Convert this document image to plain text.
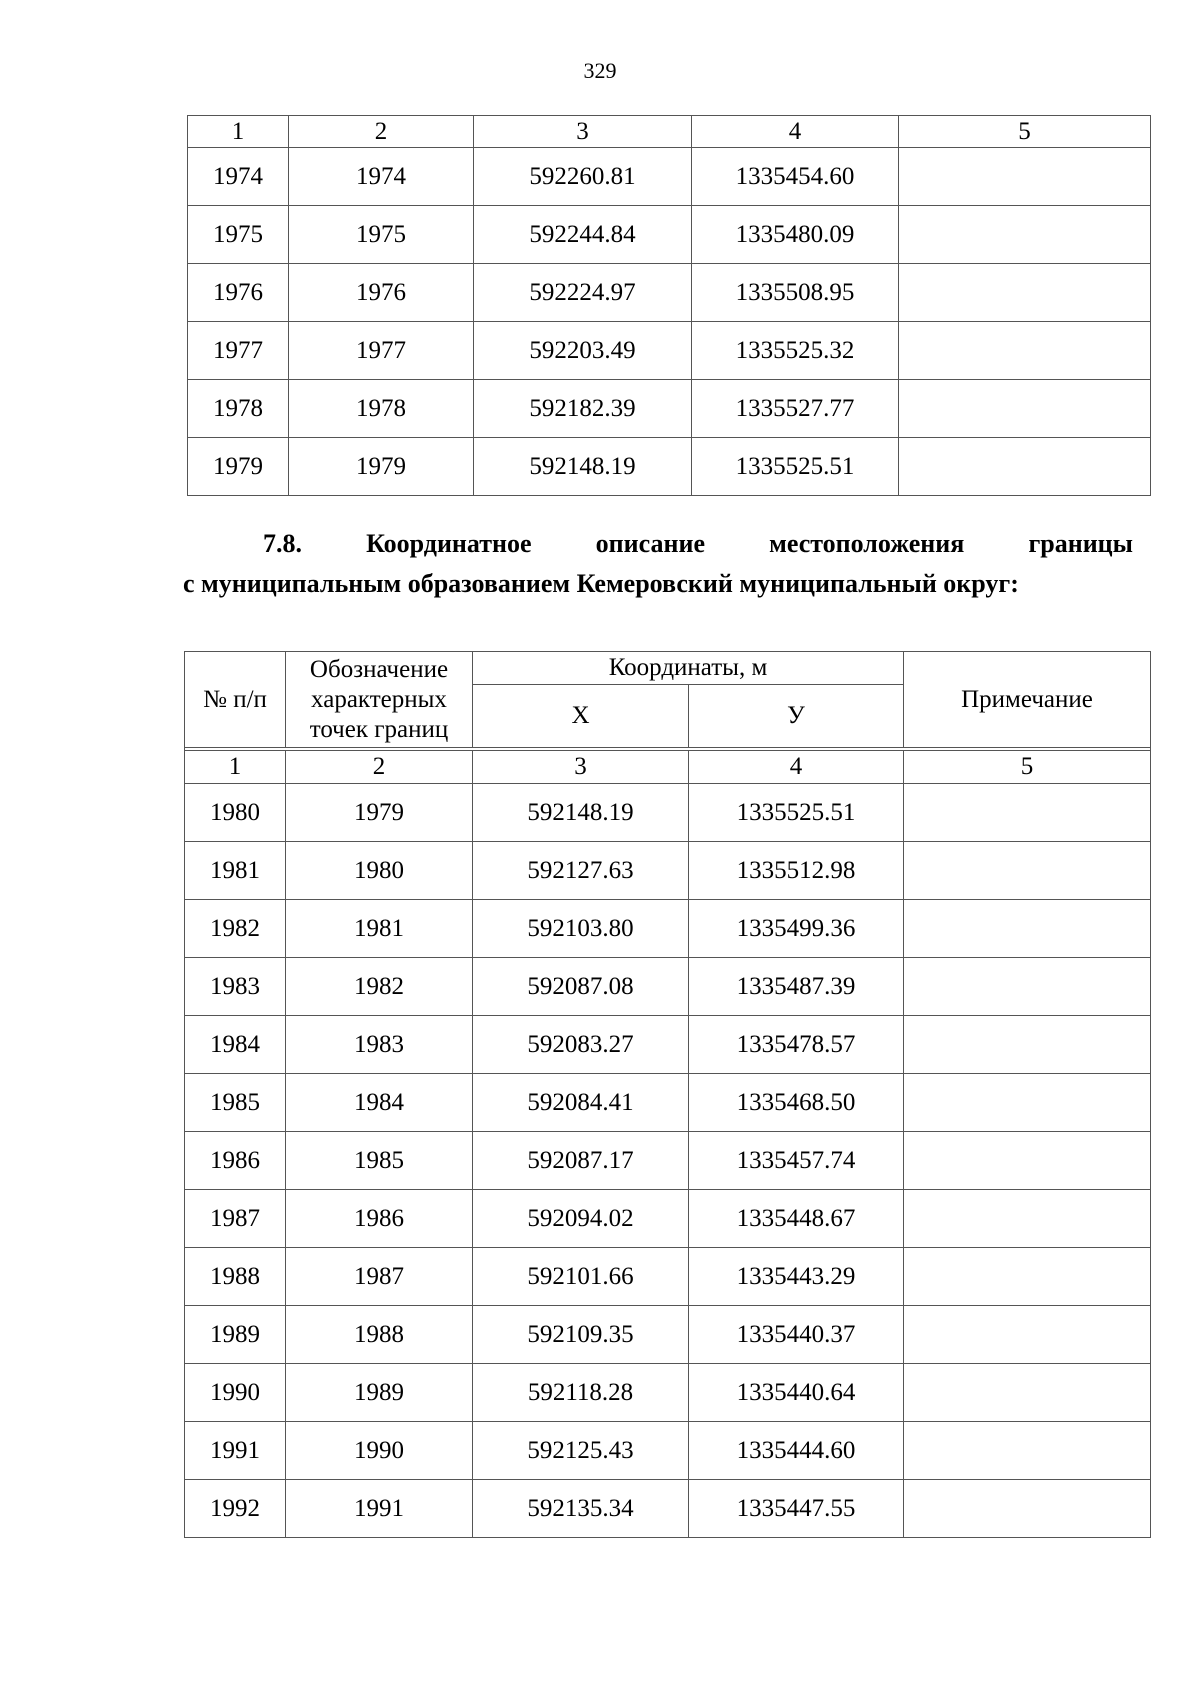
329
1	2	3	4	5
1974	1974	592260.81	1335454.60	
1975	1975	592244.84	1335480.09	
1976	1976	592224.97	1335508.95	
1977	1977	592203.49	1335525.32	
1978	1978	592182.39	1335527.77	
1979	1979	592148.19	1335525.51	
7.8. Координатное описание местоположения границы
с муниципальным образованием Кемеровский муниципальный округ:
№ п/п	Обозначение характерных точек границ	Координаты, м		Примечание
		Х	У	

1	2	3	4	5
1980	1979	592148.19	1335525.51	
1981	1980	592127.63	1335512.98	
1982	1981	592103.80	1335499.36	
1983	1982	592087.08	1335487.39	
1984	1983	592083.27	1335478.57	
1985	1984	592084.41	1335468.50	
1986	1985	592087.17	1335457.74	
1987	1986	592094.02	1335448.67	
1988	1987	592101.66	1335443.29	
1989	1988	592109.35	1335440.37	
1990	1989	592118.28	1335440.64	
1991	1990	592125.43	1335444.60	
1992	1991	592135.34	1335447.55	
